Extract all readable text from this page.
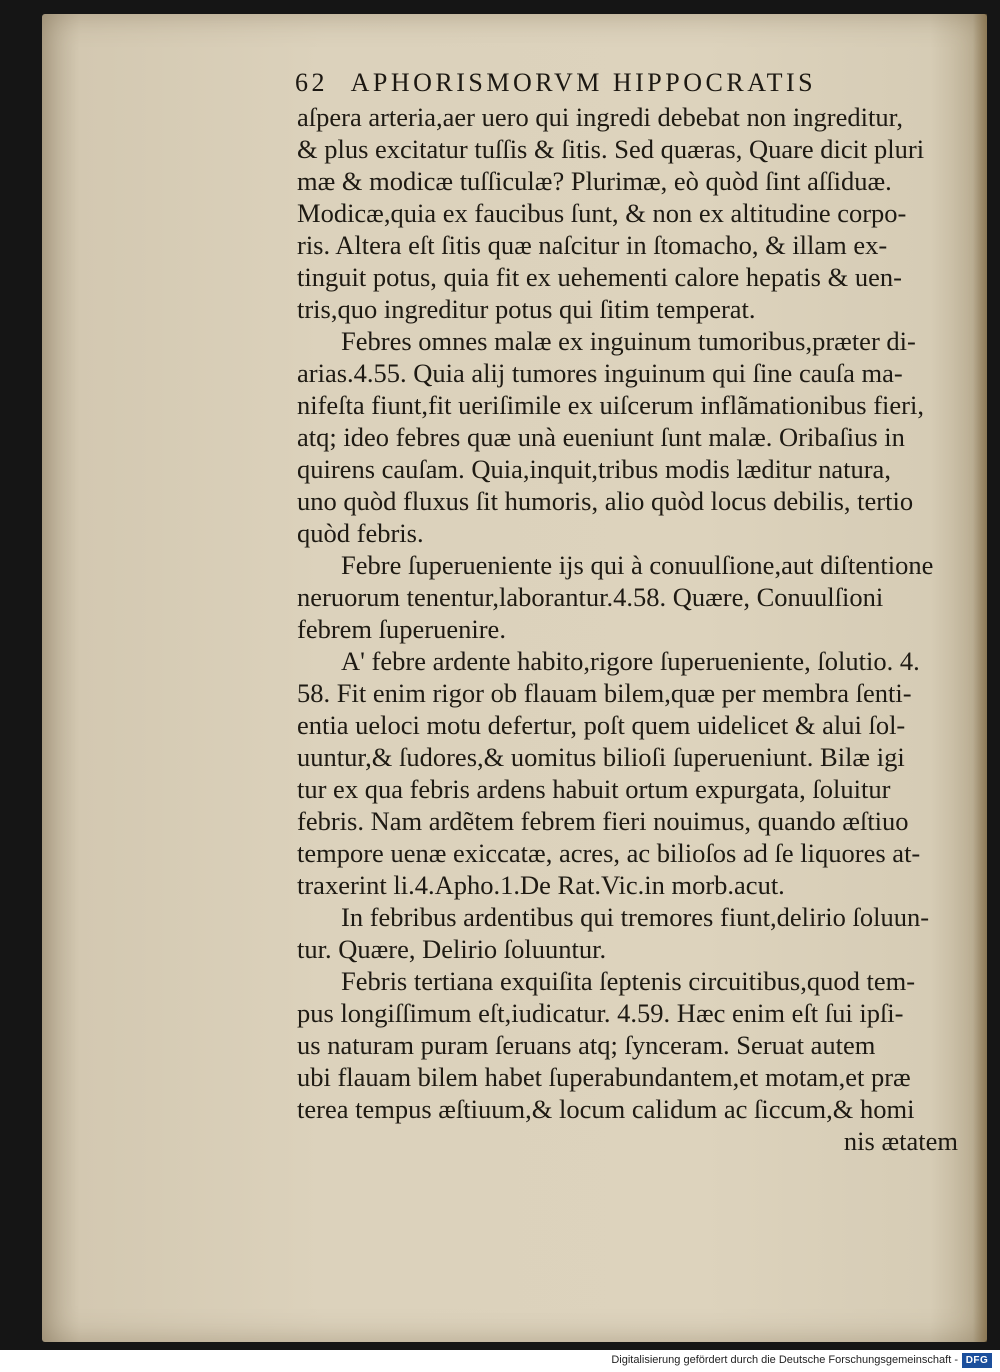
62 APHORISMORVM HIPPOCRATIS
aſpera arteria,aer uero qui ingredi debebat non ingreditur,
& plus excitatur tuſſis & ſitis. Sed quæras, Quare dicit pluri
mæ & modicæ tuſſiculæ? Plurimæ, eò quòd ſint aſſiduæ.
Modicæ,quia ex faucibus ſunt, & non ex altitudine corpo-
ris. Altera eſt ſitis quæ naſcitur in ſtomacho, & illam ex-
tinguit potus, quia fit ex uehementi calore hepatis & uen-
tris,quo ingreditur potus qui ſitim temperat.
Febres omnes malæ ex inguinum tumoribus,præter di-
arias.4.55. Quia alij tumores inguinum qui ſine cauſa ma-
nifeſta fiunt,fit ueriſimile ex uiſcerum inflãmationibus fieri,
atq; ideo febres quæ unà eueniunt ſunt malæ. Oribaſius in
quirens cauſam. Quia,inquit,tribus modis læditur natura,
uno quòd fluxus ſit humoris, alio quòd locus debilis, tertio
quòd febris.
Febre ſuperueniente ijs qui à conuulſione,aut diſtentione
neruorum tenentur,laborantur.4.58. Quære, Conuulſioni
febrem ſuperuenire.
A' febre ardente habito,rigore ſuperueniente, ſolutio. 4.
58. Fit enim rigor ob flauam bilem,quæ per membra ſenti-
entia ueloci motu defertur, poſt quem uidelicet & alui ſol-
uuntur,& ſudores,& uomitus bilioſi ſuperueniunt. Bilæ igi
tur ex qua febris ardens habuit ortum expurgata, ſoluitur
febris. Nam ardẽtem febrem fieri nouimus, quando æſtiuo
tempore uenæ exiccatæ, acres, ac bilioſos ad ſe liquores at-
traxerint li.4.Apho.1.De Rat.Vic.in morb.acut.
In febribus ardentibus qui tremores fiunt,delirio ſoluun-
tur. Quære, Delirio ſoluuntur.
Febris tertiana exquiſita ſeptenis circuitibus,quod tem-
pus longiſſimum eſt,iudicatur. 4.59. Hæc enim eſt ſui ipſi-
us naturam puram ſeruans atq; ſynceram. Seruat autem
ubi flauam bilem habet ſuperabundantem,et motam,et præ
terea tempus æſtiuum,& locum calidum ac ſiccum,& homi
nis ætatem
Digitalisierung gefördert durch die Deutsche Forschungsgemeinschaft - DFG
